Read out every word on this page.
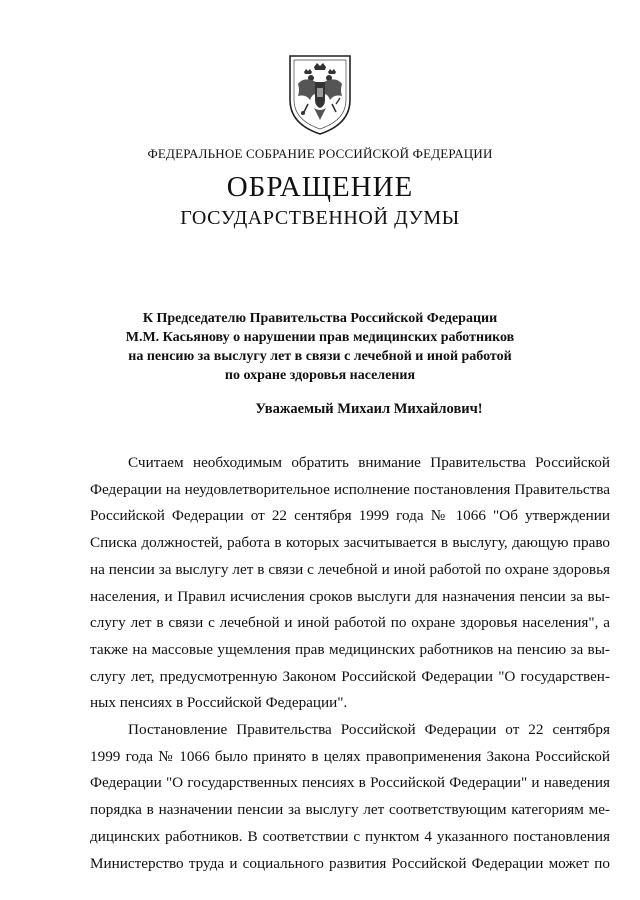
ФЕДЕРАЛЬНОЕ СОБРАНИЕ РОССИЙСКОЙ ФЕДЕРАЦИИ
ОБРАЩЕНИЕ
ГОСУДАРСТВЕННОЙ ДУМЫ
К Председателю Правительства Российской Федерации
М.М. Касьянову о нарушении прав медицинских работников
на пенсию за выслугу лет в связи с лечебной и иной работой
по охране здоровья населения
Уважаемый Михаил Михайлович!
Считаем необходимым обратить внимание Правительства Российской
Федерации на неудовлетворительное исполнение постановления Правительства
Российской Федерации от 22 сентября 1999 года № 1066 "Об утверждении
Списка должностей, работа в которых засчитывается в выслугу, дающую право
на пенсии за выслугу лет в связи с лечебной и иной работой по охране здоровья
населения, и Правил исчисления сроков выслуги для назначения пенсии за вы-
слугу лет в связи с лечебной и иной работой по охране здоровья населения", а
также на массовые ущемления прав медицинских работников на пенсию за вы-
слугу лет, предусмотренную Законом Российской Федерации "О государствен-
ных пенсиях в Российской Федерации".
Постановление Правительства Российской Федерации от 22 сентября
1999 года № 1066 было принято в целях правоприменения Закона Российской
Федерации "О государственных пенсиях в Российской Федерации" и наведения
порядка в назначении пенсии за выслугу лет соответствующим категориям ме-
дицинских работников. В соответствии с пунктом 4 указанного постановления
Министерство труда и социального развития Российской Федерации может по
